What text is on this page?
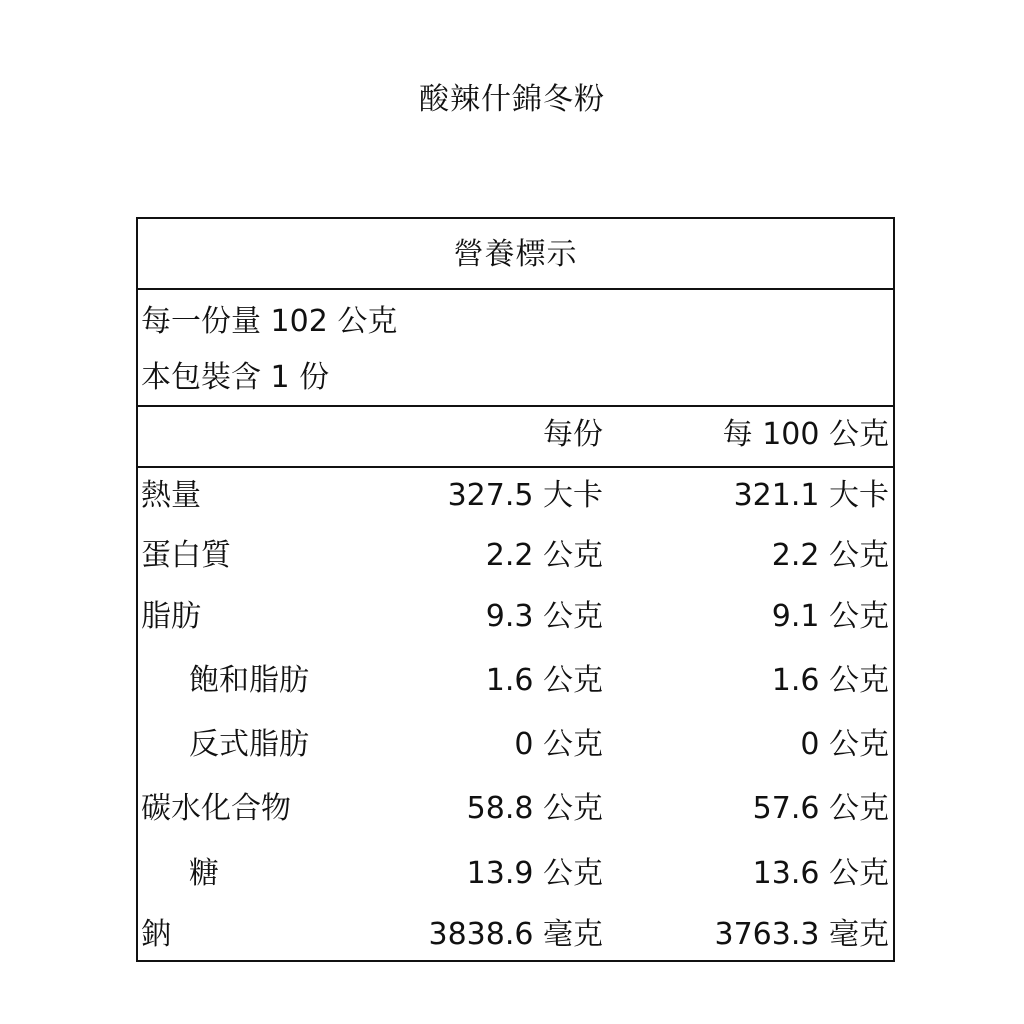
酸辣什錦冬粉
營養標示
每一份量 102 公克
本包裝含 1 份
每份	每 100 公克
熱量	327.5 大卡	321.1 大卡
蛋白質	2.2 公克	2.2 公克
脂肪	9.3 公克	9.1 公克
飽和脂肪	1.6 公克	1.6 公克
反式脂肪	0 公克	0 公克
碳水化合物	58.8 公克	57.6 公克
糖	13.9 公克	13.6 公克
鈉	3838.6 毫克	3763.3 毫克
